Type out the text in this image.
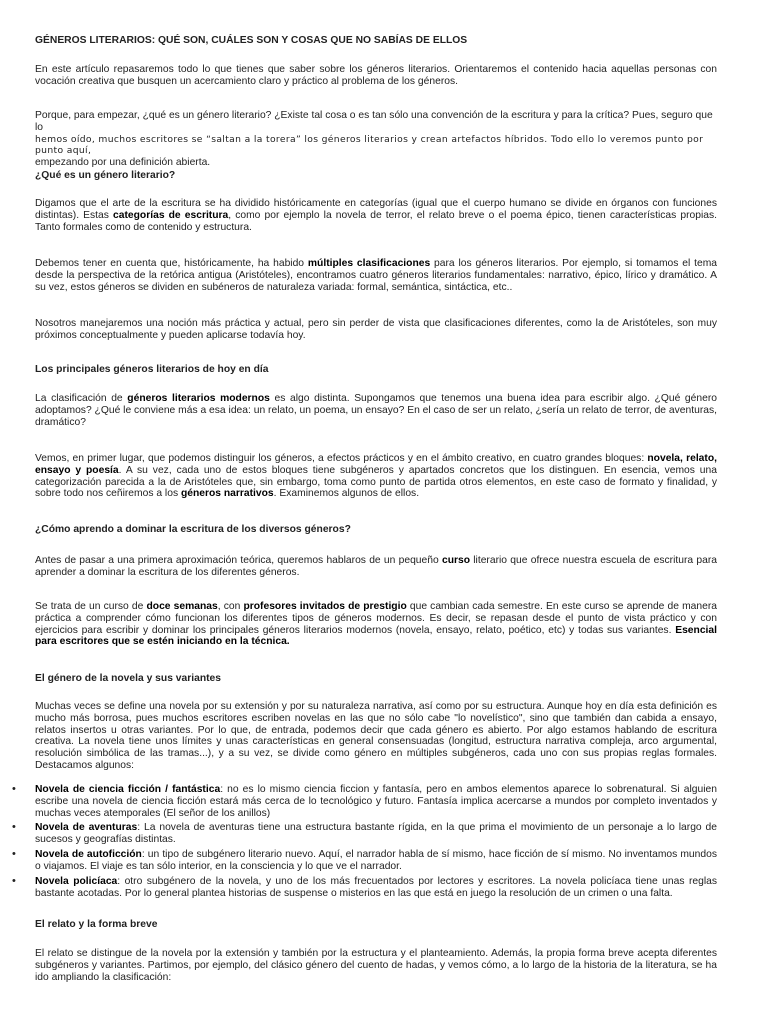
GÉNEROS LITERARIOS: QUÉ SON, CUÁLES SON Y COSAS QUE NO SABÍAS DE ELLOS

En este artículo repasaremos todo lo que tienes que saber sobre los géneros literarios. Orientaremos el contenido hacia aquellas personas con vocación creativa que busquen un acercamiento claro y práctico al problema de los géneros.

Porque, para empezar, ¿qué es un género literario? ¿Existe tal cosa o es tan sólo una convención de la escritura y para la crítica? Pues, seguro que lo
hemos oído, muchos escritores se “saltan a la torera” los géneros literarios y crean artefactos híbridos. Todo ello lo veremos punto por punto aquí,
empezando por una definición abierta.

¿Qué es un género literario?

Digamos que el arte de la escritura se ha dividido históricamente en categorías (igual que el cuerpo humano se divide en órganos con funciones distintas). Estas categorías de escritura, como por ejemplo la novela de terror, el relato breve o el poema épico, tienen características propias. Tanto formales como de contenido y estructura.

Debemos tener en cuenta que, históricamente, ha habido múltiples clasificaciones para los géneros literarios. Por ejemplo, si tomamos el tema desde la perspectiva de la retórica antigua (Aristóteles), encontramos cuatro géneros literarios fundamentales: narrativo, épico, lírico y dramático. A su vez, estos géneros se dividen en subéneros de naturaleza variada: formal, semántica, sintáctica, etc..

Nosotros manejaremos una noción más práctica y actual, pero sin perder de vista que clasificaciones diferentes, como la de Aristóteles, son muy próximos conceptualmente y pueden aplicarse todavía hoy.

Los principales géneros literarios de hoy en día

La clasificación de géneros literarios modernos es algo distinta. Supongamos que tenemos una buena idea para escribir algo. ¿Qué género adoptamos? ¿Qué le conviene más a esa idea: un relato, un poema, un ensayo? En el caso de ser un relato, ¿sería un relato de terror, de aventuras, dramático?

Vemos, en primer lugar, que podemos distinguir los géneros, a efectos prácticos y en el ámbito creativo, en cuatro grandes bloques: novela, relato, ensayo y poesía. A su vez, cada uno de estos bloques tiene subgéneros y apartados concretos que los distinguen. En esencia, vemos una categorización parecida a la de Aristóteles que, sin embargo, toma como punto de partida otros elementos, en este caso de formato y finalidad, y sobre todo nos ceñiremos a los géneros narrativos. Examinemos algunos de ellos.

¿Cómo aprendo a dominar la escritura de los diversos géneros?

Antes de pasar a una primera aproximación teórica, queremos hablaros de un pequeño curso literario que ofrece nuestra escuela de escritura para aprender a dominar la escritura de los diferentes géneros.

Se trata de un curso de doce semanas, con profesores invitados de prestigio que cambian cada semestre. En este curso se aprende de manera práctica a comprender cómo funcionan los diferentes tipos de géneros modernos. Es decir, se repasan desde el punto de vista práctico y con ejercicios para escribir y dominar los principales géneros literarios modernos (novela, ensayo, relato, poético, etc) y todas sus variantes. Esencial para escritores que se estén iniciando en la técnica.

El género de la novela y sus variantes

Muchas veces se define una novela por su extensión y por su naturaleza narrativa, así como por su estructura. Aunque hoy en día esta definición es mucho más borrosa, pues muchos escritores escriben novelas en las que no sólo cabe "lo novelístico", sino que también dan cabida a ensayo, relatos insertos u otras variantes. Por lo que, de entrada, podemos decir que cada género es abierto. Por algo estamos hablando de escritura creativa. La novela tiene unos límites y unas características en general consensuadas (longitud, estructura narrativa compleja, arco argumental, resolución simbólica de las tramas...), y a su vez, se divide como género en múltiples subgéneros, cada uno con sus propias reglas formales. Destacamos algunos:

• Novela de ciencia ficción / fantástica: no es lo mismo ciencia ficcion y fantasía, pero en ambos elementos aparece lo sobrenatural. Si alguien escribe una novela de ciencia ficción estará más cerca de lo tecnológico y futuro. Fantasía implica acercarse a mundos por completo inventados y muchas veces atemporales (El señor de los anillos)
• Novela de aventuras: La novela de aventuras tiene una estructura bastante rígida, en la que prima el movimiento de un personaje a lo largo de sucesos y geografías distintas.
• Novela de autoficción: un tipo de subgénero literario nuevo. Aquí, el narrador habla de sí mismo, hace ficción de sí mismo. No inventamos mundos o viajamos. El viaje es tan sólo interior, en la consciencia y lo que ve el narrador.
• Novela policíaca: otro subgénero de la novela, y uno de los más frecuentados por lectores y escritores. La novela policíaca tiene unas reglas bastante acotadas. Por lo general plantea historias de suspense o misterios en las que está en juego la resolución de un crimen o una falta.
El relato y la forma breve

El relato se distingue de la novela por la extensión y también por la estructura y el planteamiento. Además, la propia forma breve acepta diferentes subgéneros y variantes. Partimos, por ejemplo, del clásico género del cuento de hadas, y vemos cómo, a lo largo de la historia de la literatura, se ha ido ampliando la clasificación:
